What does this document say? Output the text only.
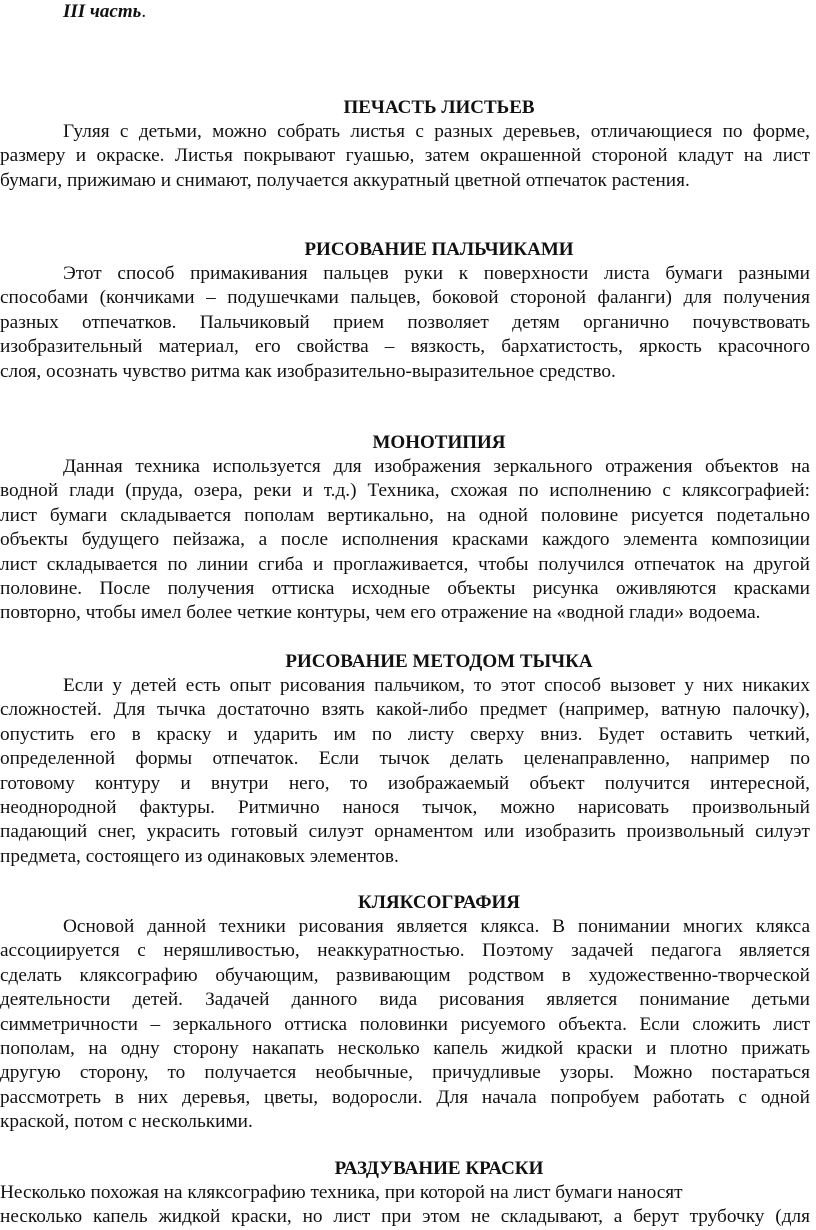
III часть.
ПЕЧАСТЬ ЛИСТЬЕВ
Гуляя с детьми, можно собрать листья с разных деревьев, отличающиеся по форме,
размеру и окраске. Листья покрывают гуашью, затем окрашенной стороной кладут на лист
бумаги, прижимаю и снимают, получается аккуратный цветной отпечаток растения.
РИСОВАНИЕ ПАЛЬЧИКАМИ
Этот способ примакивания пальцев руки к поверхности листа бумаги разными
способами (кончиками – подушечками пальцев, боковой стороной фаланги) для получения
разных отпечатков. Пальчиковый прием позволяет детям органично почувствовать
изобразительный материал, его свойства – вязкость, бархатистость, яркость красочного
слоя, осознать чувство ритма как изобразительно-выразительное средство.
МОНОТИПИЯ
Данная техника используется для изображения зеркального отражения объектов на
водной глади (пруда, озера, реки и т.д.) Техника, схожая по исполнению с кляксографией:
лист бумаги складывается пополам вертикально, на одной половине рисуется подетально
объекты будущего пейзажа, а после исполнения красками каждого элемента композиции
лист складывается по линии сгиба и проглаживается, чтобы получился отпечаток на другой
половине. После получения оттиска исходные объекты рисунка оживляются красками
повторно, чтобы имел более четкие контуры, чем его отражение на «водной глади» водоема.
РИСОВАНИЕ МЕТОДОМ ТЫЧКА
Если у детей есть опыт рисования пальчиком, то этот способ вызовет у них никаких
сложностей. Для тычка достаточно взять какой-либо предмет (например, ватную палочку),
опустить его в краску и ударить им по листу сверху вниз. Будет оставить четкий,
определенной формы отпечаток. Если тычок делать целенаправленно, например по
готовому контуру и внутри него, то изображаемый объект получится интересной,
неоднородной фактуры. Ритмично нанося тычок, можно нарисовать произвольный
падающий снег, украсить готовый силуэт орнаментом или изобразить произвольный силуэт
предмета, состоящего из одинаковых элементов.
КЛЯКСОГРАФИЯ
Основой данной техники рисования является клякса. В понимании многих клякса
ассоциируется с неряшливостью, неаккуратностью. Поэтому задачей педагога является
сделать кляксографию обучающим, развивающим родством в художественно-творческой
деятельности детей. Задачей данного вида рисования является понимание детьми
симметричности – зеркального оттиска половинки рисуемого объекта. Если сложить лист
пополам, на одну сторону накапать несколько капель жидкой краски и плотно прижать
другую сторону, то получается необычные, причудливые узоры. Можно постараться
рассмотреть в них деревья, цветы, водоросли. Для начала попробуем работать с одной
краской, потом с несколькими.
РАЗДУВАНИЕ КРАСКИ
Несколько похожая на кляксографию техника, при которой на лист бумаги наносят
несколько капель жидкой краски, но лист при этом не складывают, а берут трубочку (для
